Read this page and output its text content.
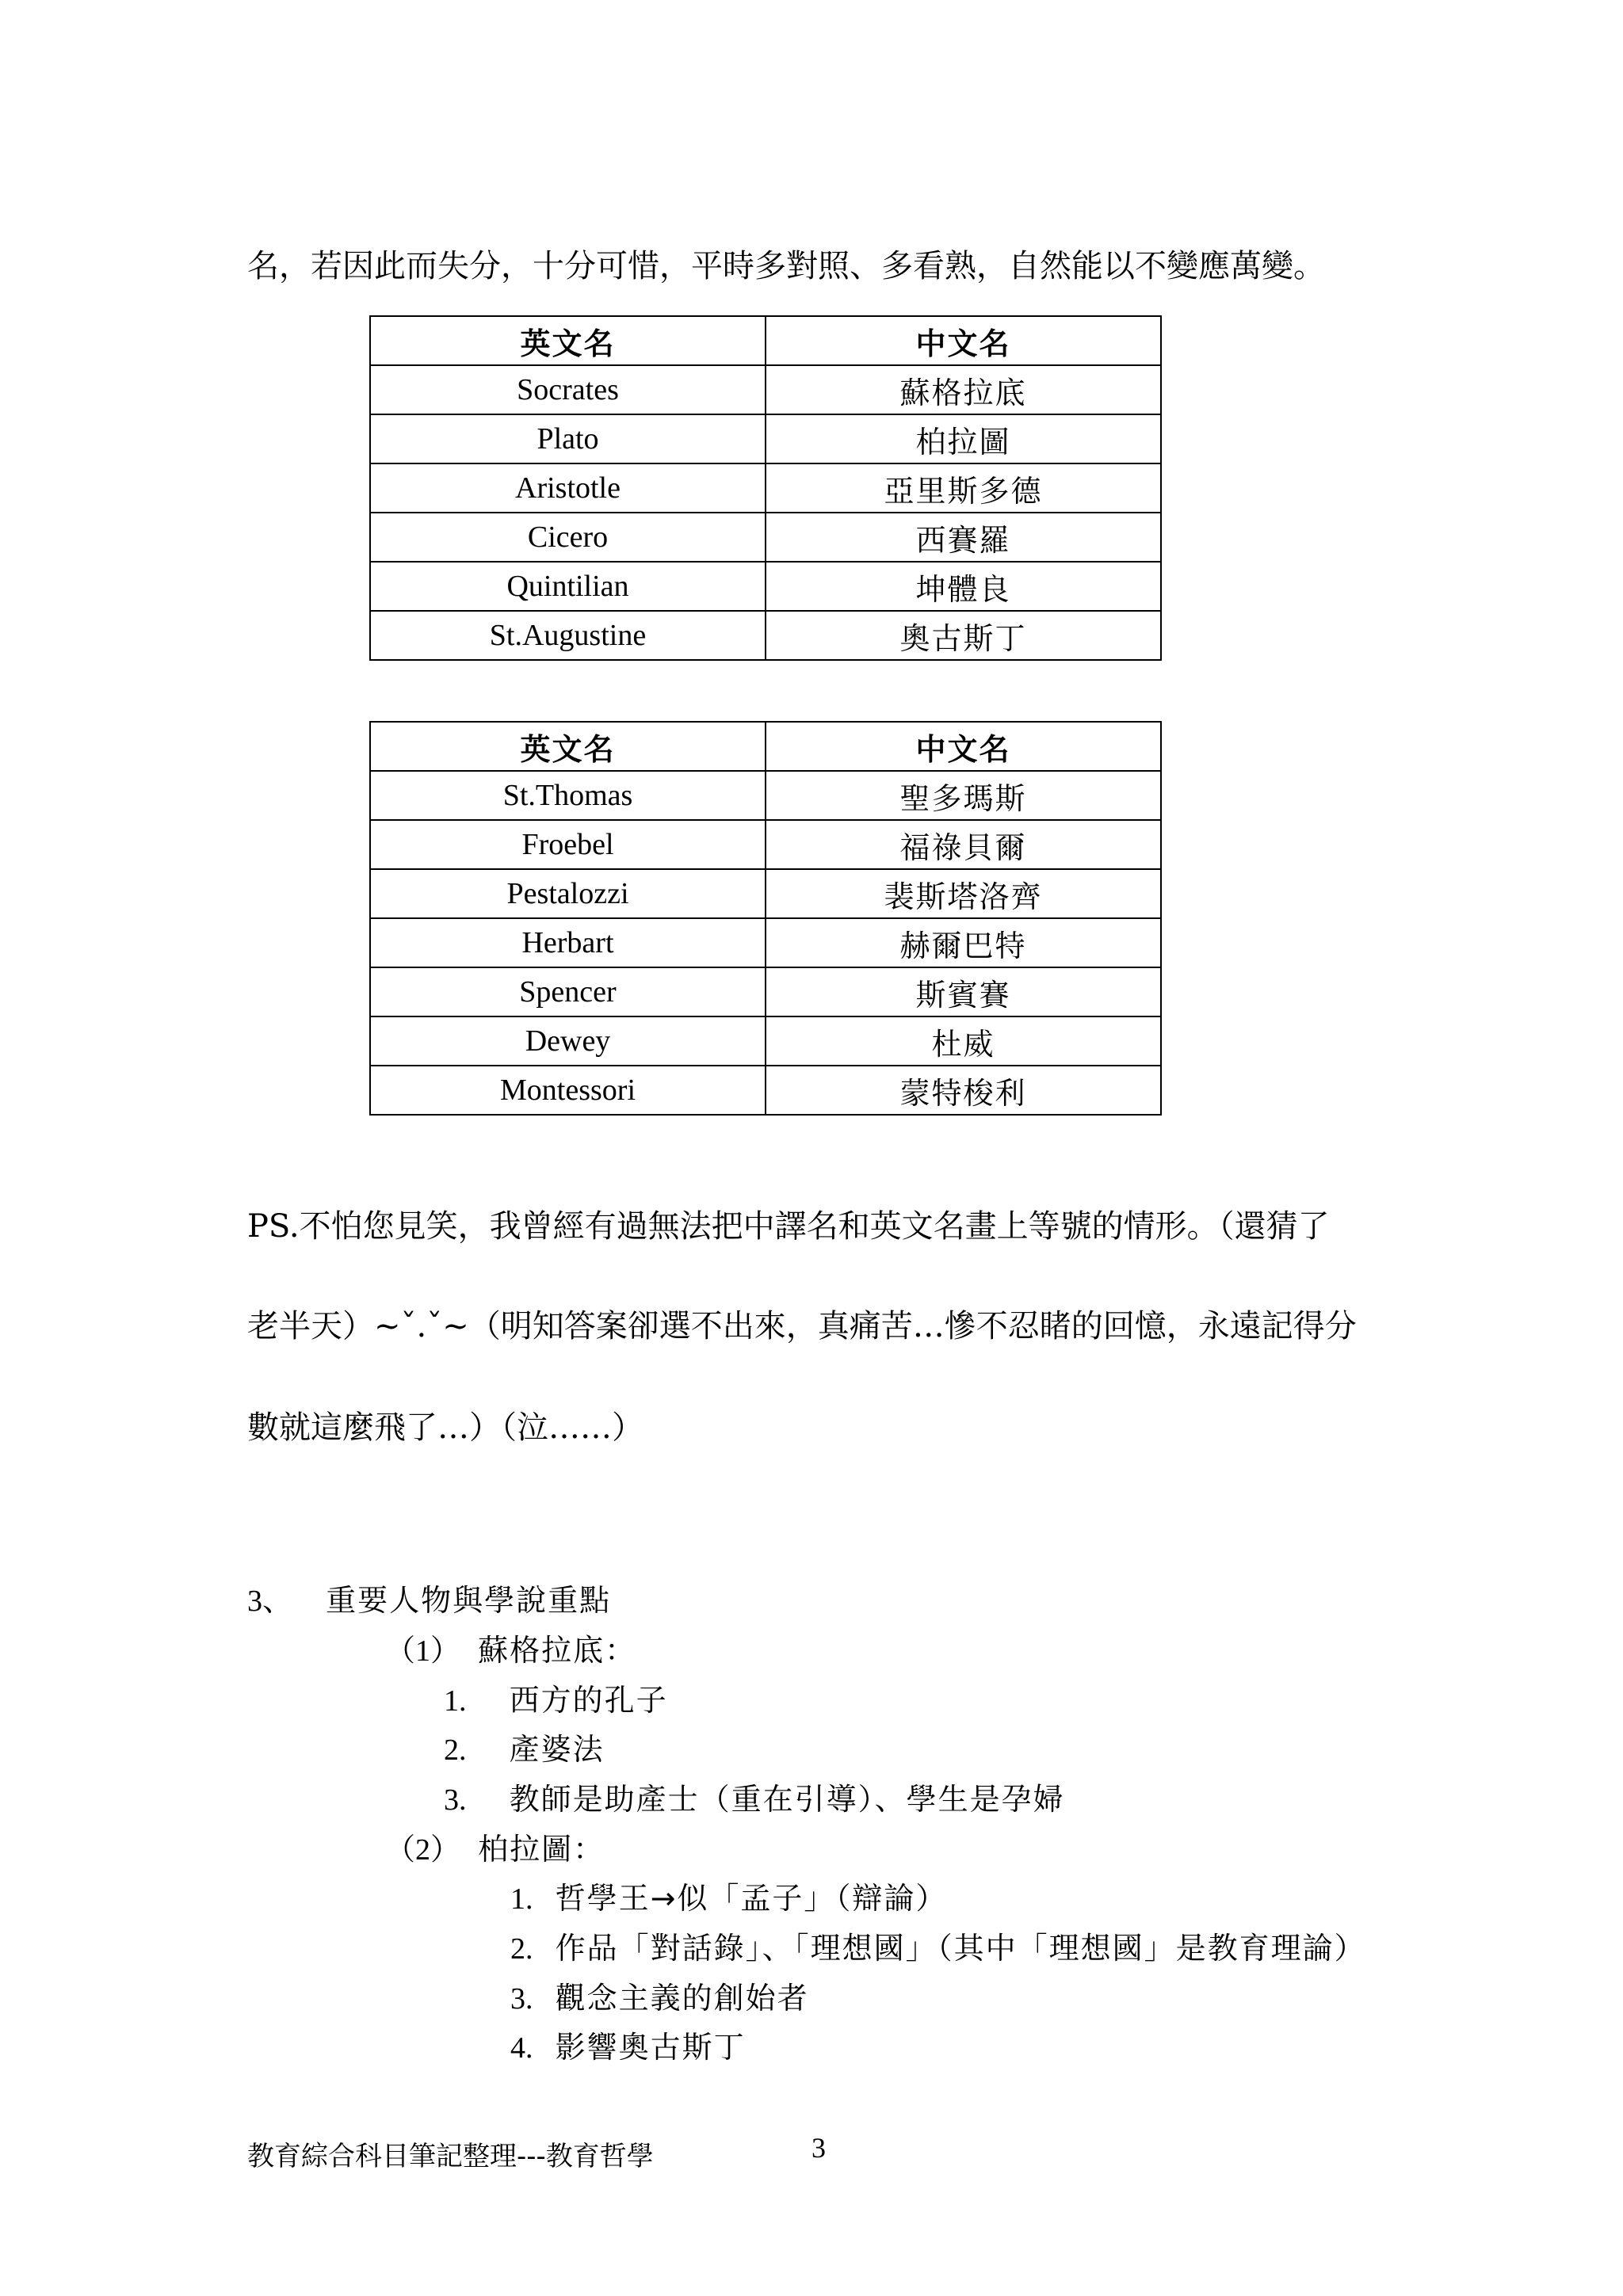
名，若因此而失分，十分可惜，平時多對照、多看熟，自然能以不變應萬變。
英文名	中文名
Socrates	蘇格拉底
Plato	柏拉圖
Aristotle	亞里斯多德
Cicero	西賽羅
Quintilian	坤體良
St.Augustine	奧古斯丁
英文名	中文名
St.Thomas	聖多瑪斯
Froebel	福祿貝爾
Pestalozzi	裴斯塔洛齊
Herbart	赫爾巴特
Spencer	斯賓賽
Dewey	杜威
Montessori	蒙特梭利
PS.不怕您見笑，我曾經有過無法把中譯名和英文名畫上等號的情形。（還猜了
老半天）~ˇ.ˇ~（明知答案卻選不出來，真痛苦…慘不忍睹的回憶，永遠記得分
數就這麼飛了…）（泣……）
3、 重要人物與學說重點
（1） 蘇格拉底：
1. 西方的孔子
2. 產婆法
3. 教師是助產士（重在引導）、學生是孕婦
（2） 柏拉圖：
1. 哲學王→似「孟子」（辯論）
2. 作品「對話錄」、「理想國」（其中「理想國」是教育理論）
3. 觀念主義的創始者
4. 影響奧古斯丁
教育綜合科目筆記整理---教育哲學	3
